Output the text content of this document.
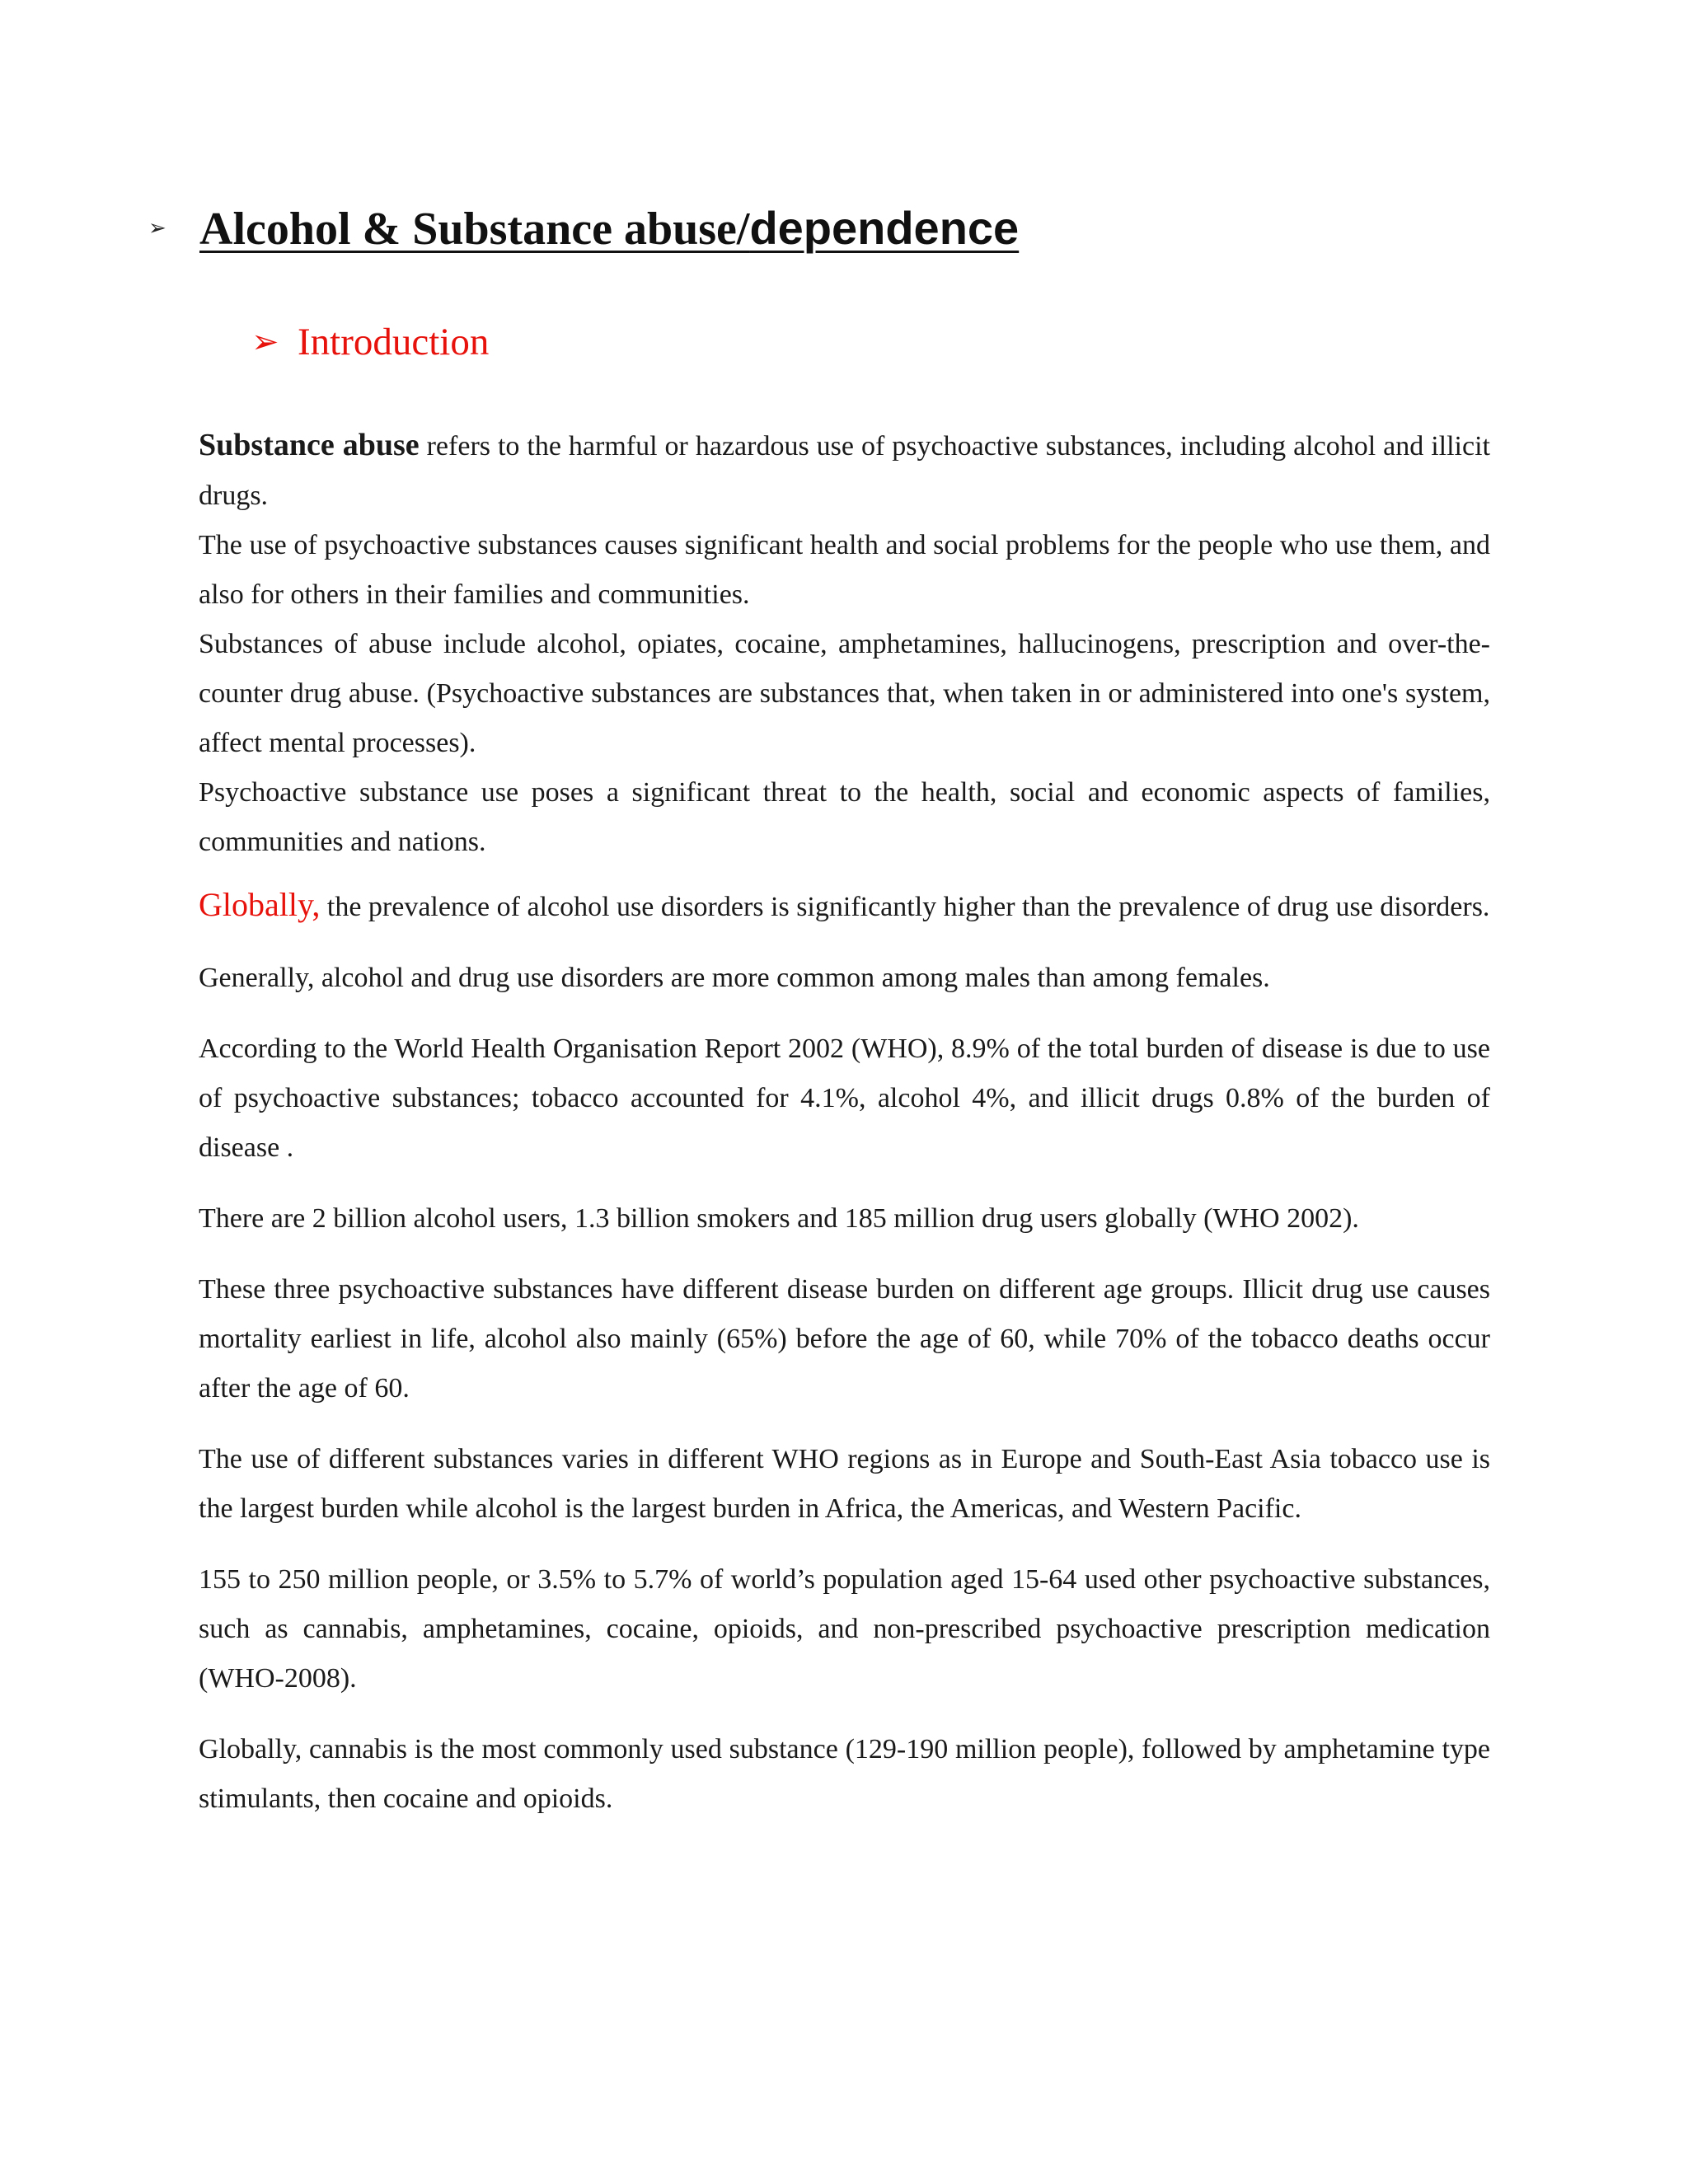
➢ Alcohol & Substance abuse/dependence
➢ Introduction

Substance abuse refers to the harmful or hazardous use of psychoactive substances, including alcohol and illicit drugs.

The use of psychoactive substances causes significant health and social problems for the people who use them, and also for others in their families and communities.

Substances of abuse include alcohol, opiates, cocaine, amphetamines, hallucinogens, prescription and over-the-counter drug abuse. (Psychoactive substances are substances that, when taken in or administered into one's system, affect mental processes).

Psychoactive substance use poses a significant threat to the health, social and economic aspects of families, communities and nations.

Globally, the prevalence of alcohol use disorders is significantly higher than the prevalence of drug use disorders.

Generally, alcohol and drug use disorders are more common among males than among females.

According to the World Health Organisation Report 2002 (WHO), 8.9% of the total burden of disease is due to use of psychoactive substances; tobacco accounted for 4.1%, alcohol 4%, and illicit drugs 0.8% of the burden of disease .

There are 2 billion alcohol users, 1.3 billion smokers and 185 million drug users globally (WHO 2002).

These three psychoactive substances have different disease burden on different age groups. Illicit drug use causes mortality earliest in life, alcohol also mainly (65%) before the age of 60, while 70% of the tobacco deaths occur after the age of 60.

The use of different substances varies in different WHO regions as in Europe and South-East Asia tobacco use is the largest burden while alcohol is the largest burden in Africa, the Americas, and Western Pacific.

155 to 250 million people, or 3.5% to 5.7% of world’s population aged 15-64 used other psychoactive substances, such as cannabis, amphetamines, cocaine, opioids, and non-prescribed psychoactive prescription medication (WHO-2008).

Globally, cannabis is the most commonly used substance (129-190 million people), followed by amphetamine type stimulants, then cocaine and opioids.
